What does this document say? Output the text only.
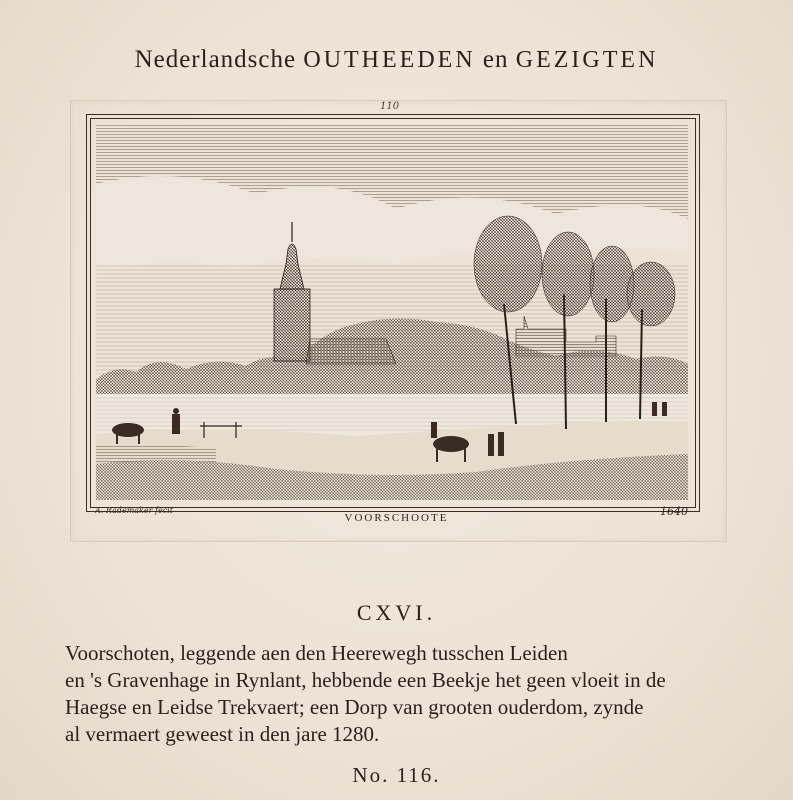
Nederlandsche OUTHEEDEN en GEZIGTEN
110
A. Rademaker fecit
VOORSCHOOTE	1640
CXVI.
Voorschoten, leggende aen den Heerewegh tusschen Leiden
en 's Gravenhage in Rynlant, hebbende een Beekje het geen vloeit in de
Haegse en Leidse Trekvaert; een Dorp van grooten ouderdom, zynde
al vermaert geweest in den jare 1280.
No. 116.
